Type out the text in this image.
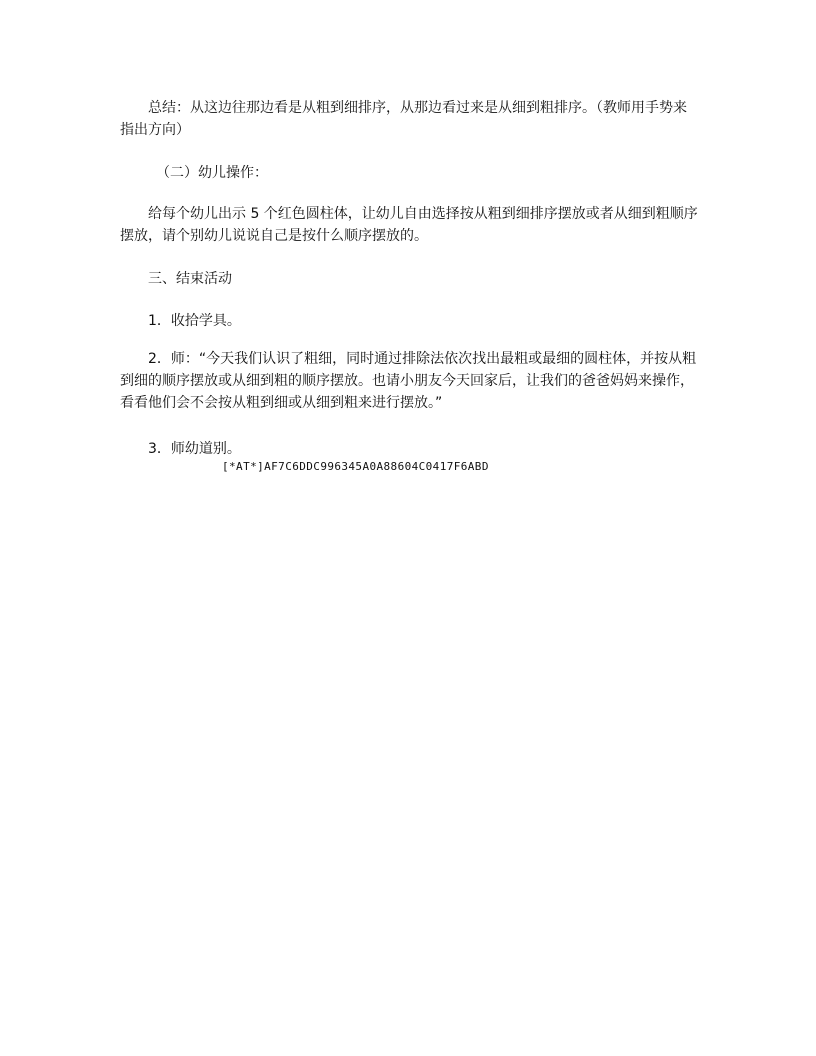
总结：从这边往那边看是从粗到细排序，从那边看过来是从细到粗排序。（教师用手势来指出方向）

（二）幼儿操作：

给每个幼儿出示 5 个红色圆柱体，让幼儿自由选择按从粗到细排序摆放或者从细到粗顺序摆放，请个别幼儿说说自己是按什么顺序摆放的。

三、结束活动

1．收拾学具。

2．师：“今天我们认识了粗细，同时通过排除法依次找出最粗或最细的圆柱体，并按从粗到细的顺序摆放或从细到粗的顺序摆放。也请小朋友今天回家后，让我们的爸爸妈妈来操作，看看他们会不会按从粗到细或从细到粗来进行摆放。”

3．师幼道别。

[*AT*]AF7C6DDC996345A0A88604C0417F6ABD
